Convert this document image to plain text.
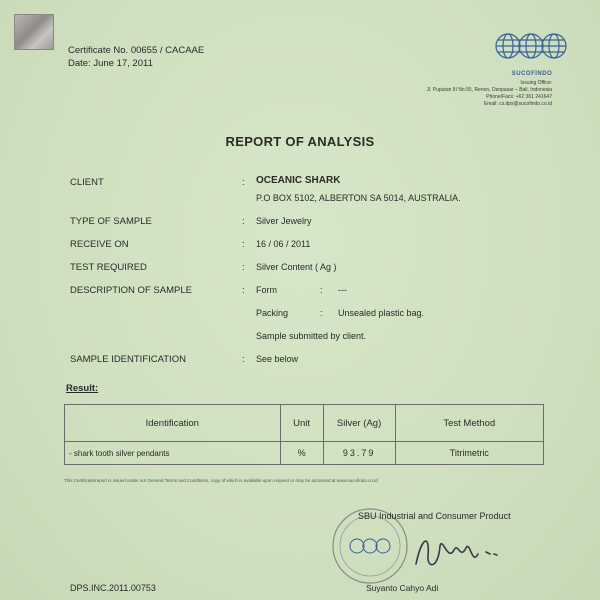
Certificate No. 00655 / CACAAE
Date: June 17, 2011
SUCOFINDO
Issuing Office:
Jl. Puputan III No.55, Renon, Denpasar – Bali, Indonesia
Phone/Facs: +62 361 241647
Email: cs.dps@sucofindo.co.id
REPORT OF ANALYSIS
CLIENT	: OCEANIC SHARK
P.O BOX 5102, ALBERTON SA 5014, AUSTRALIA.
TYPE OF SAMPLE	: Silver Jewelry
RECEIVE ON	: 16 / 06 / 2011
TEST REQUIRED	: Silver Content ( Ag )
DESCRIPTION OF SAMPLE	: Form	: ---
Packing	: Unsealed plastic bag.
Sample submitted by client.
SAMPLE IDENTIFICATION	: See below
Result:
Identification	Unit	Silver (Ag)	Test Method
- shark tooth silver pendants	%	93.79	Titrimetric
This Certificate/report is issued under our General Terms and Conditions, copy of which is available upon request or may be accessed at www.sucofindo.co.id
SBU Industrial and Consumer Product
Suyanto Cahyo Adi
DPS.INC.2011.00753
